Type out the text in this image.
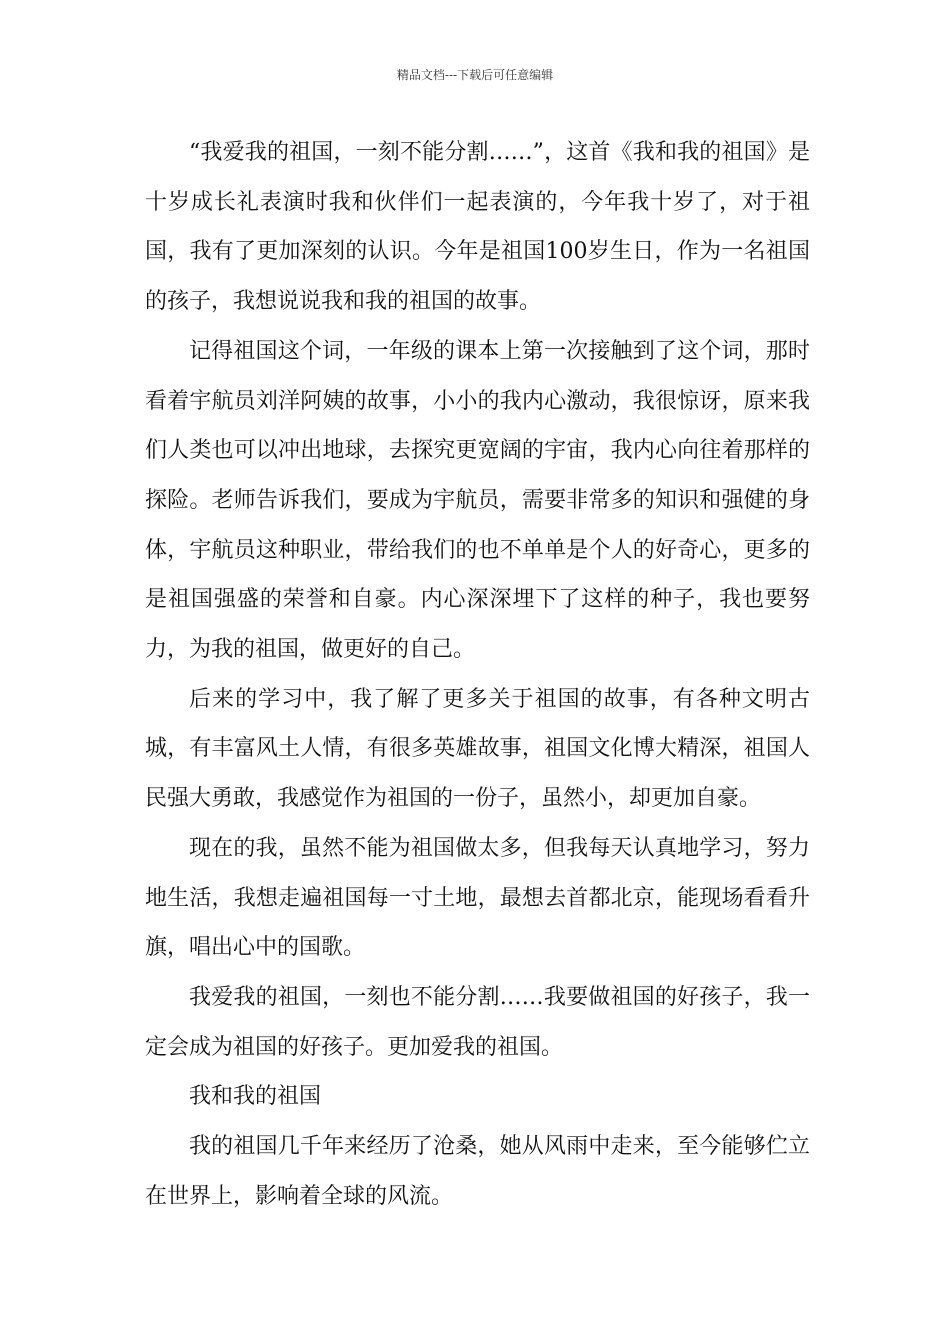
精品文档---下载后可任意编辑

“我爱我的祖国，一刻不能分割……”，这首《我和我的祖国》是十岁成长礼表演时我和伙伴们一起表演的，今年我十岁了，对于祖国，我有了更加深刻的认识。今年是祖国100岁生日，作为一名祖国的孩子，我想说说我和我的祖国的故事。

记得祖国这个词，一年级的课本上第一次接触到了这个词，那时看着宇航员刘洋阿姨的故事，小小的我内心激动，我很惊讶，原来我们人类也可以冲出地球，去探究更宽阔的宇宙，我内心向往着那样的探险。老师告诉我们，要成为宇航员，需要非常多的知识和强健的身体，宇航员这种职业，带给我们的也不单单是个人的好奇心，更多的是祖国强盛的荣誉和自豪。内心深深埋下了这样的种子，我也要努力，为我的祖国，做更好的自己。

后来的学习中，我了解了更多关于祖国的故事，有各种文明古城，有丰富风土人情，有很多英雄故事，祖国文化博大精深，祖国人民强大勇敢，我感觉作为祖国的一份子，虽然小，却更加自豪。

现在的我，虽然不能为祖国做太多，但我每天认真地学习，努力地生活，我想走遍祖国每一寸土地，最想去首都北京，能现场看看升旗，唱出心中的国歌。

我爱我的祖国，一刻也不能分割……我要做祖国的好孩子，我一定会成为祖国的好孩子。更加爱我的祖国。

我和我的祖国

我的祖国几千年来经历了沧桑，她从风雨中走来，至今能够伫立在世界上，影响着全球的风流。
